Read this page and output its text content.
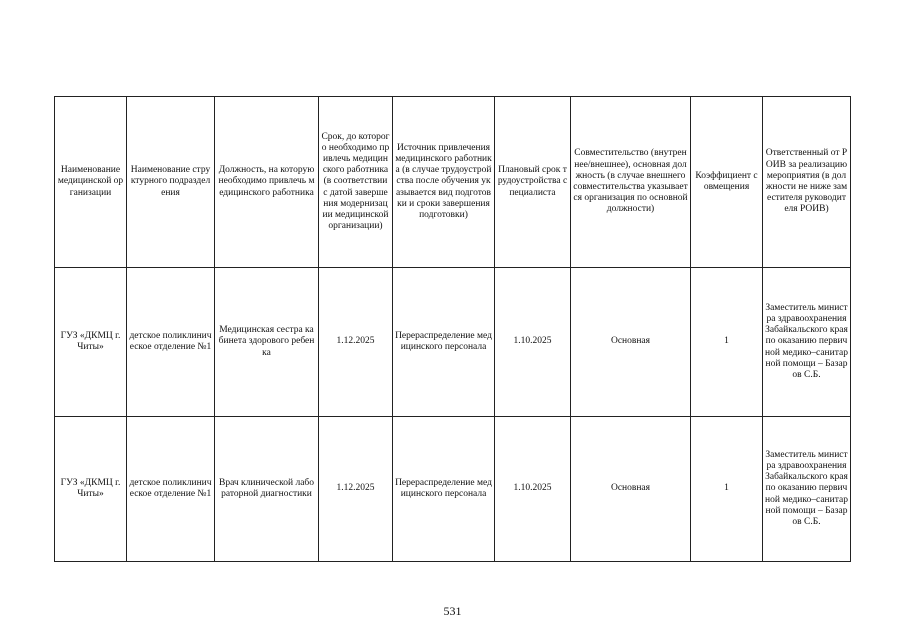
Наименование медицинской организации	Наименование структурного подразделения	Должность, на которую необходимо привлечь медицинского работника	Срок, до которого необходимо привлечь медицинского работника (в соответствии с датой завершения модернизации медицинской организации)	Источник привлечения медицинского работника (в случае трудоустройства после обучения указывается вид подготовки и сроки завершения подготовки)	Плановый срок трудоустройства специалиста	Совместительство (внутреннее/внешнее), основная должность (в случае внешнего совместительства указывается организация по основной должности)	Коэффициент совмещения	Ответственный от РОИВ за реализацию мероприятия (в должности не ниже заместителя руководителя РОИВ)
ГУЗ «ДКМЦ г. Читы»	детское поликлиническое отделение №1	Медицинская сестра кабинета здорового ребенка	1.12.2025	Перераспределение медицинского персонала	1.10.2025	Основная	1	Заместитель министра здравоохранения Забайкальского края по оказанию первичной медико–санитарной помощи – Базаров С.Б.
ГУЗ «ДКМЦ г. Читы»	детское поликлиническое отделение №1	Врач клинической лабораторной диагностики	1.12.2025	Перераспределение медицинского персонала	1.10.2025	Основная	1	Заместитель министра здравоохранения Забайкальского края по оказанию первичной медико–санитарной помощи – Базаров С.Б.
531
